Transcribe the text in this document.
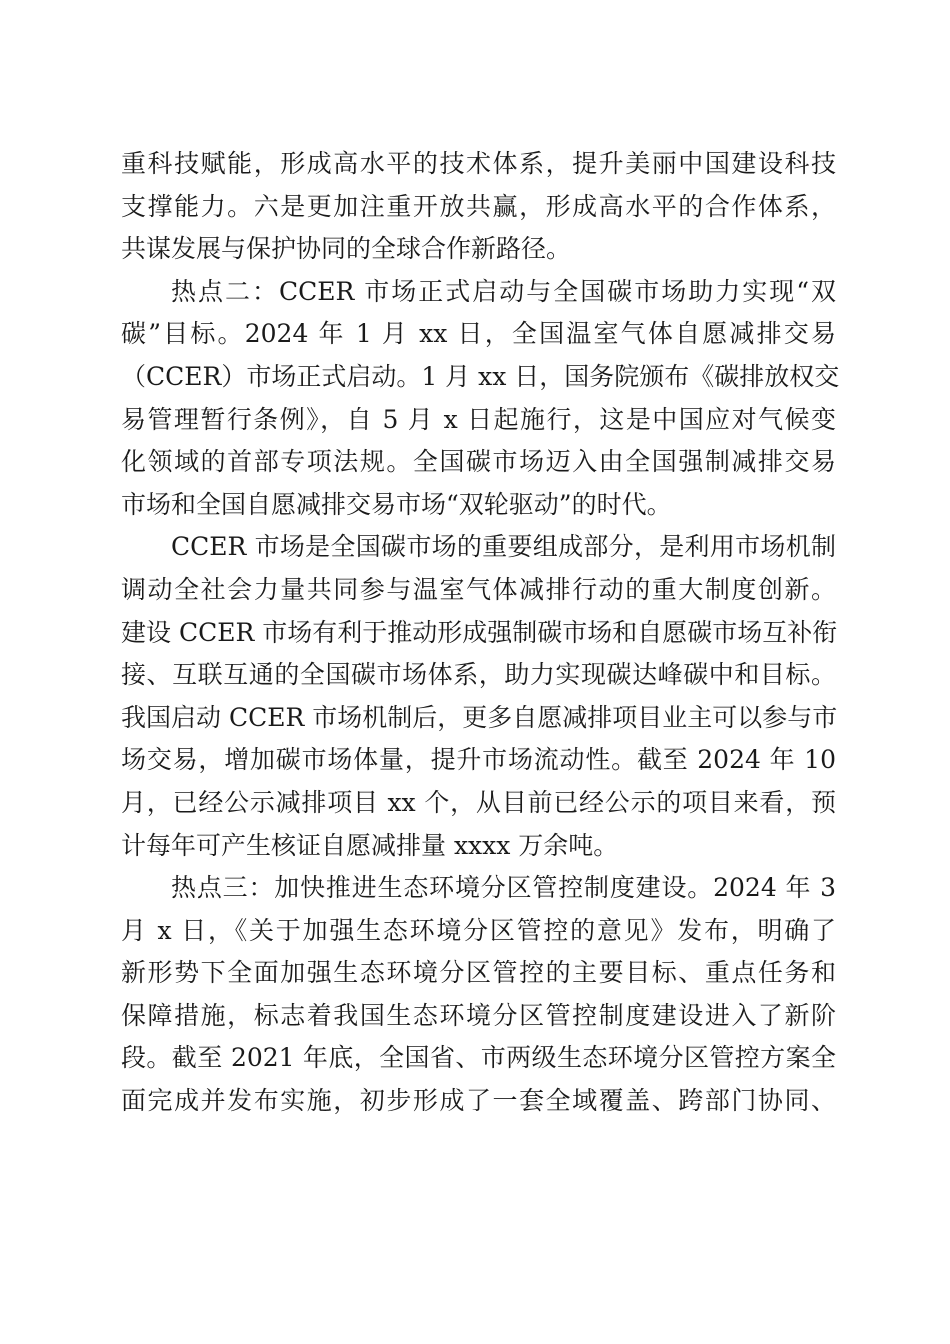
重科技赋能，形成高水平的技术体系，提升美丽中国建设科技
支撑能力。六是更加注重开放共赢，形成高水平的合作体系，
共谋发展与保护协同的全球合作新路径。
热点二：CCER 市场正式启动与全国碳市场助力实现“双
碳”目标。2024 年 1 月 xx 日，全国温室气体自愿减排交易
（CCER）市场正式启动。1 月 xx 日，国务院颁布《碳排放权交
易管理暂行条例》，自 5 月 x 日起施行，这是中国应对气候变
化领域的首部专项法规。全国碳市场迈入由全国强制减排交易
市场和全国自愿减排交易市场“双轮驱动”的时代。
CCER 市场是全国碳市场的重要组成部分，是利用市场机制
调动全社会力量共同参与温室气体减排行动的重大制度创新。
建设 CCER 市场有利于推动形成强制碳市场和自愿碳市场互补衔
接、互联互通的全国碳市场体系，助力实现碳达峰碳中和目标。
我国启动 CCER 市场机制后，更多自愿减排项目业主可以参与市
场交易，增加碳市场体量，提升市场流动性。截至 2024 年 10
月，已经公示减排项目 xx 个，从目前已经公示的项目来看，预
计每年可产生核证自愿减排量 xxxx 万余吨。
热点三：加快推进生态环境分区管控制度建设。2024 年 3
月 x 日，《关于加强生态环境分区管控的意见》发布，明确了
新形势下全面加强生态环境分区管控的主要目标、重点任务和
保障措施，标志着我国生态环境分区管控制度建设进入了新阶
段。截至 2021 年底，全国省、市两级生态环境分区管控方案全
面完成并发布实施，初步形成了一套全域覆盖、跨部门协同、
